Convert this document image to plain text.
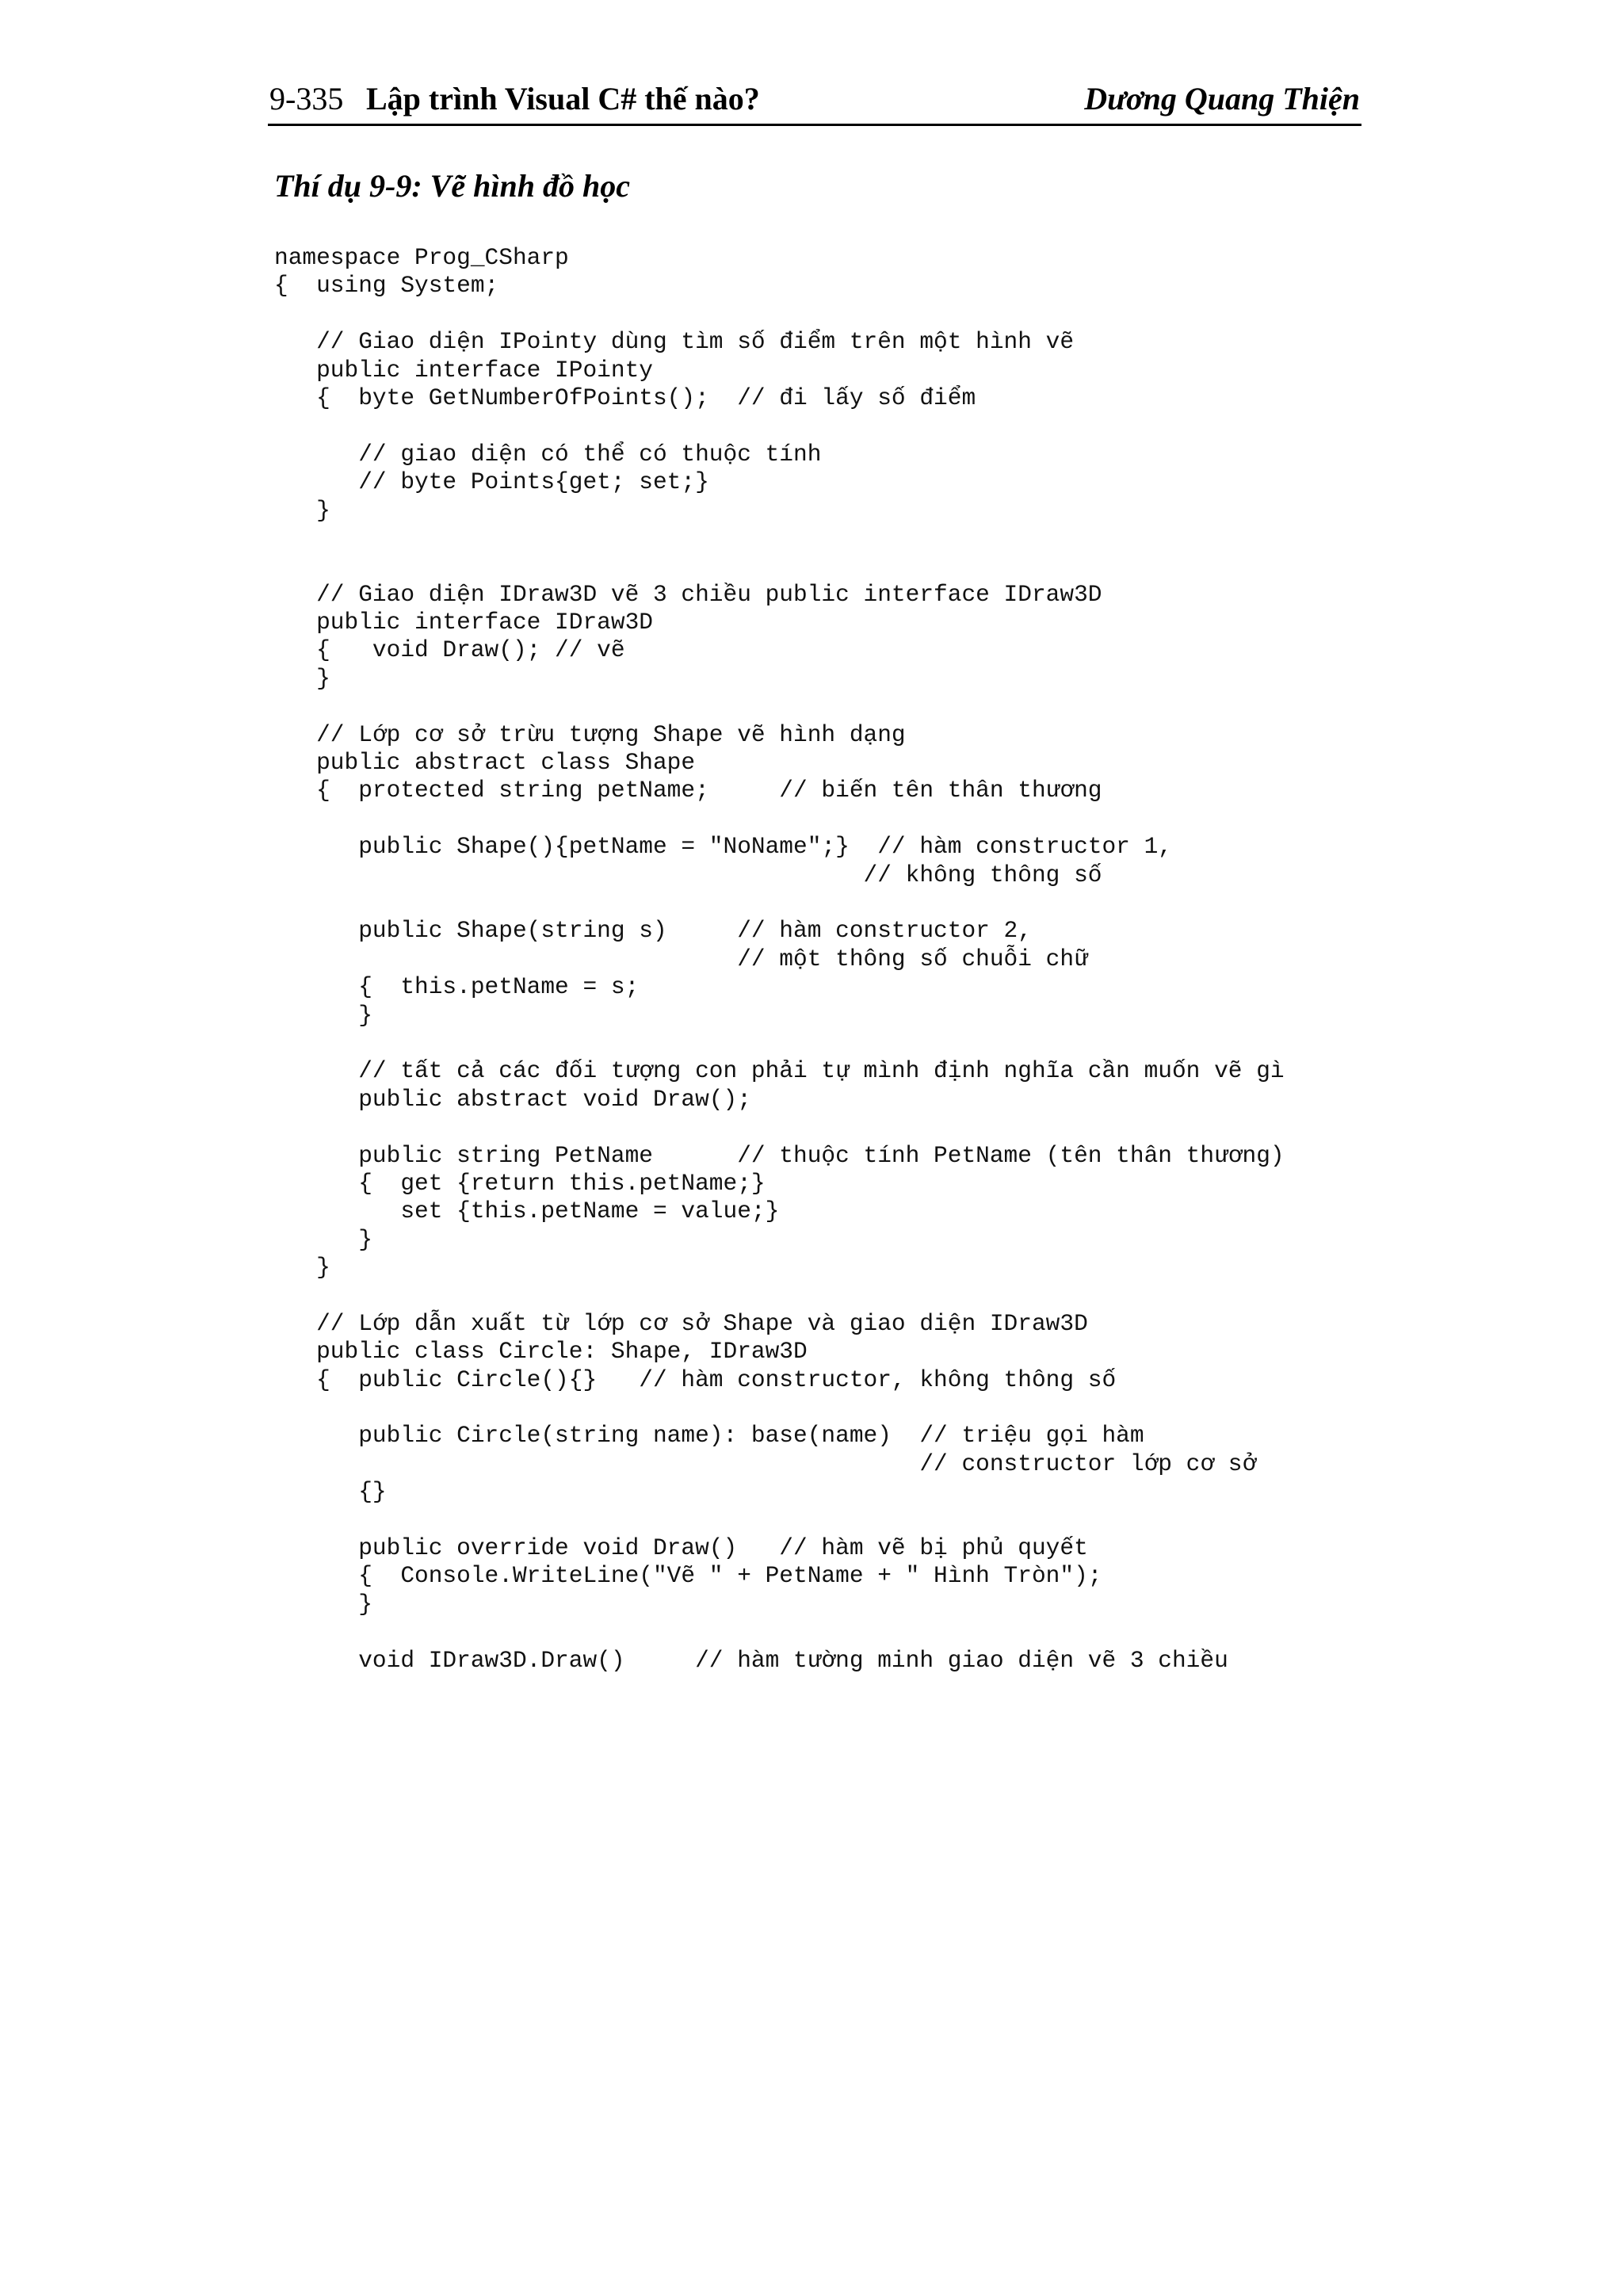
9-335 Lập trình Visual C# thế nào?	Dương Quang Thiện
Thí dụ 9-9: Vẽ hình đồ học
namespace Prog_CSharp
{  using System;
// Giao diện IPointy dùng tìm số điểm trên một hình vẽ
public interface IPointy
{  byte GetNumberOfPoints();  // đi lấy số điểm
// giao diện có thể có thuộc tính
// byte Points{get; set;}
}
// Giao diện IDraw3D vẽ 3 chiều public interface IDraw3D
public interface IDraw3D
{   void Draw(); // vẽ
}
// Lớp cơ sở trừu tượng Shape vẽ hình dạng
public abstract class Shape
{  protected string petName;     // biến tên thân thương
public Shape(){petName = "NoName";}  // hàm constructor 1,
// không thông số
public Shape(string s)     // hàm constructor 2,
// một thông số chuỗi chữ
{  this.petName = s;
}
// tất cả các đối tượng con phải tự mình định nghĩa cần muốn vẽ gì
public abstract void Draw();
public string PetName      // thuộc tính PetName (tên thân thương)
{  get {return this.petName;}
set {this.petName = value;}
}
}
// Lớp dẫn xuất từ lớp cơ sở Shape và giao diện IDraw3D
public class Circle: Shape, IDraw3D
{  public Circle(){}   // hàm constructor, không thông số
public Circle(string name): base(name)  // triệu gọi hàm
// constructor lớp cơ sở
{}
public override void Draw()   // hàm vẽ bị phủ quyết
{  Console.WriteLine("Vẽ " + PetName + " Hình Tròn");
}
void IDraw3D.Draw()     // hàm tường minh giao diện vẽ 3 chiều
